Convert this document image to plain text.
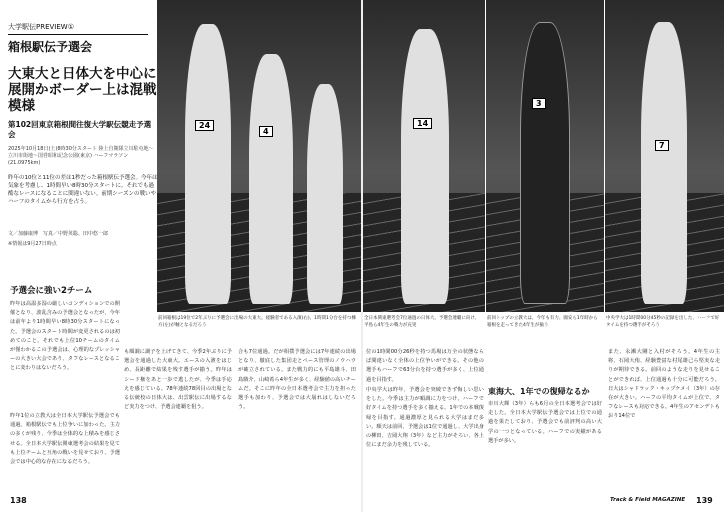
大学駅伝PREVIEW①
箱根駅伝予選会
大東大と日体大を中心に展開かボーダー上は混戦模様
第102回東京箱根間往復大学駅伝競走予選会
2025年10月18日(土)8時30分スタート 陸上自衛隊立川駐屯地〜立川市街地〜国営昭和記念公園(東京) ハーフマラソン(21.0975km)
昨年の10位と11位の差は1秒だった箱根駅伝予選会。今年は気象を考慮し、1時間早い8時30分スタートに。それでも過酷なレースになることに間違いない。前期シーズンの戦いやハーフのタイムから行方を占う。
文／加藤康博　写真／中野英聡、田中悠一郎
※情報は9月27日時点
24
4
14
3
7
前回箱根は19位で2年ぶりに予選会に出場の大東大。経験者である入濱(右)、1時間1分台を持つ棟方(左)が軸となるだろう
全日本関東選考会7位通過の日体大。予選会連覇に向け、平島ら4年生の戦力が充実
前回トップの立教大は、今年も有力。國安ら1年時から箱根を走ってきた4年生が揃う
中央学大は1時間00分45秒の記録を出した、ハーフで好タイムを持つ選手がそろう
予選会に強い2チーム
昨年は高温多湿の厳しいコンディションでの開催となり、波乱含みの予選会となったが、今年は前年より1時間早い8時30分スタートになった。予選会のスタート時間が変更されるのは初めてのこと。それでも上位10チームのタイムが僅わかるこの予選会は、心理的なプレッシャーの大きい大会であり、タフなレースとなることに変わりはないだろう。
昨年1位の立教大は全日本大学駅伝予選会でも通過。箱根駅伝でも上位争いに加わった。主力の多くが残り、今季は全体的な上積みを感じさせる。全日本大学駅伝関東選考会の結果を見ても上位チームと互角の戦いを見せており、予選会では中心的な存在になるだろう。
も順調に調子を上げてきて、今季2年ぶりに予選会を通過した大東大。エースの入濱をはじめ、長距離で結果を残す選手が揃う。昨年はシード権をあと一歩で逃したが、今季は手応えを感じている。78年連続78回目の出場となる伝統校の日体大は、出雲駅伝に出場するなど実力をつけ、予選会連覇を狙う。
合も7位通過。だが相撲予選会には7年連続の出場となり、徹底した集団走とペース管理のノウハウが確立されている。また戦力的にも平島雄斗、田島駿介、山崎希ら4年生が多く、経験値の高いチームだ。そこに昨年の全日本選考会で主力を担った選手も加わり、予選会では大崩れはしないだろう。
位の1時間00分26秒を持つ馬場は万全の状態ならば間違いなく全体の上位争いができる。その他の選手もハーフで63分台を持つ選手が多く、上位通過を目指す。
東海大、1年での復帰なるか
中央学大は昨年、予選会を突破できず悔しい思いをした。今季は主力が順調に力をつけ、ハーフで好タイムを持つ選手を多く揃える。1年での本戦復帰を目指す。通過濃厚と見られる大学はまだ多い。順天は前回、予選会は1位で通過し、大学出身の柳田、吉岡大翔（3年）など主力がそろい、各上位にまだ余力を残している。
市川大輝（3年）らも6月の全日本選考会では好走した。全日本大学駅伝予選会では上位での通過を果たしており、予選会でも前評判の高い大学の一つとなっている。ハーフでの実績がある選手が多い。
また、永瀬大剛と入村がそろう。4年生の主将、石岡大侑、経験豊富な村尾雄己ら堅実な走りが期待できる。前回のような走りを見せることができれば、上位通過も十分に可能だろう。日大はシャドラック・キップケメイ（3年）の存在が大きい。ハーフの平均タイムが上位で、タフなレースも対応できる。4年生のアセンデトもおり14位で
138	Track & Field MAGAZINE 139
